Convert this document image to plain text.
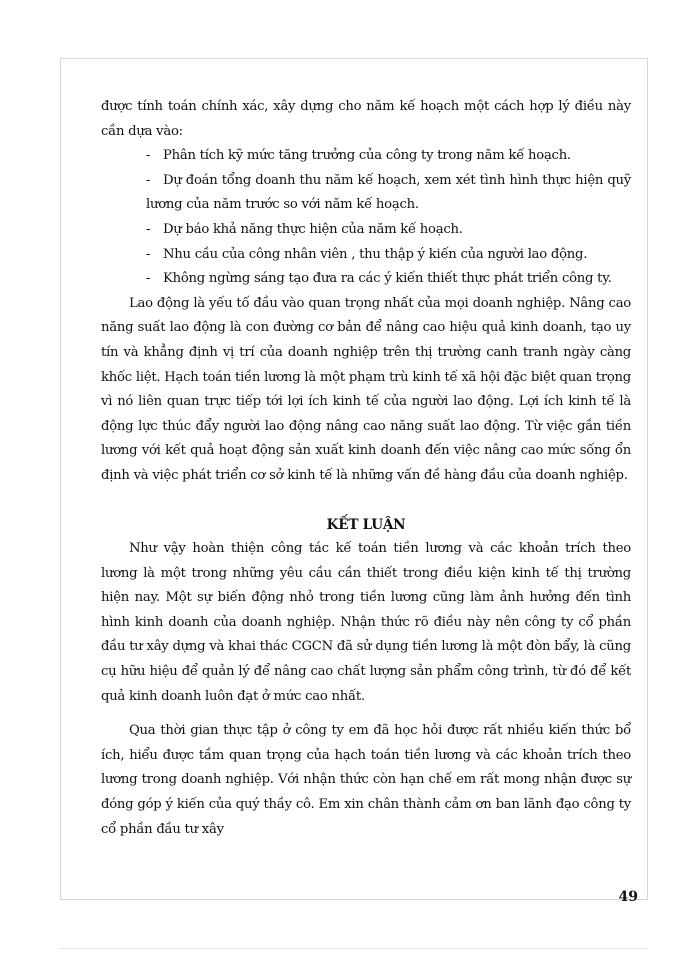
được tính toán chính xác, xây dựng cho năm kế hoạch một cách hợp lý điều này cần dựa vào:

- Phân tích kỹ mức tăng trưởng của công ty trong năm kế hoạch.

- Dự đoán tổng doanh thu năm kế hoạch, xem xét tình hình thực hiện quỹ lương của năm trước so với năm kế hoạch.

- Dự báo khả năng thực hiện của năm kế hoạch.

- Nhu cầu của công nhân viên , thu thập ý kiến của người lao động.

- Không ngừng sáng tạo đưa ra các ý kiến thiết thực phát triển công ty.

Lao động là yếu tố đầu vào quan trọng nhất của mọi doanh nghiệp. Nâng cao năng suất lao động là con đường cơ bản để nâng cao hiệu quả kinh doanh, tạo uy tín và khẳng định vị trí của doanh nghiệp trên thị trường canh tranh ngày càng khốc liệt. Hạch toán tiền lương là một phạm trù kinh tế xã hội đặc biệt quan trọng vì nó liên quan trực tiếp tới lợi ích kinh tế của người lao động. Lợi ích kinh tế là động lực thúc đẩy người lao động nâng cao năng suất lao động. Từ việc gắn tiền lương với kết quả hoạt động sản xuất kinh doanh đến việc nâng cao mức sống ổn định và việc phát triển cơ sở kinh tế là những vấn đề hàng đầu của doanh nghiệp.

KẾT LUẬN

Như vậy hoàn thiện công tác kế toán tiền lương và các khoản trích theo lương là một trong những yêu cầu cần thiết trong điều kiện kinh tế thị trường hiện nay. Một sự biến động nhỏ trong tiền lương cũng làm ảnh hưởng đến tình hình kinh doanh của doanh nghiệp. Nhận thức rõ điều này nên công ty cổ phần đầu tư xây dựng và khai thác CGCN đã sử dụng tiền lương là một đòn bẩy, là cũng cụ hữu hiệu để quản lý để nâng cao chất lượng sản phẩm công trình, từ đó để kết quả kinh doanh luôn đạt ở mức cao nhất.

Qua thời gian thực tập ở công ty em đã học hỏi được rất nhiều kiến thức bổ ích, hiểu được tầm quan trọng của hạch toán tiền lương và các khoản trích theo lương trong doanh nghiệp. Với nhận thức còn hạn chế em rất mong nhận được sự đóng góp ý kiến của quý thầy cô. Em xin chân thành cảm ơn ban lãnh đạo công ty cổ phần đầu tư xây

49
